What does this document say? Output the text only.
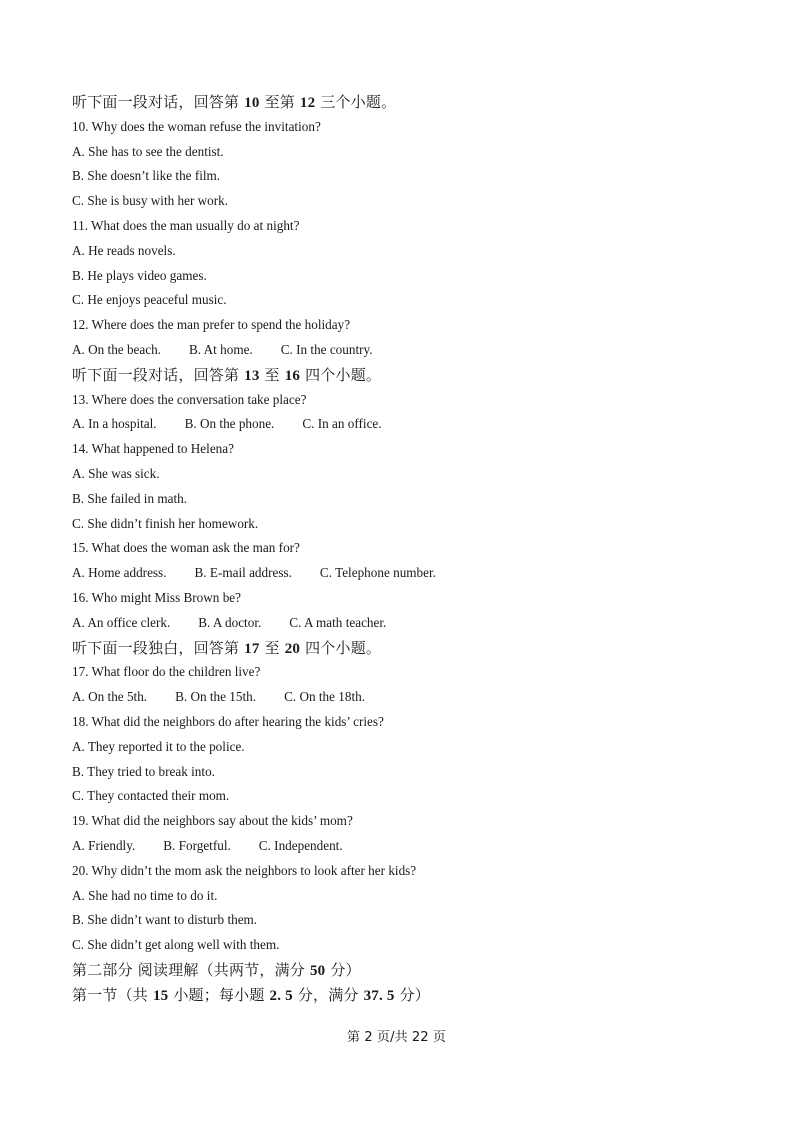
听下面一段对话，回答第 10 至第 12 三个小题。
10. Why does the woman refuse the invitation?
A. She has to see the dentist.
B. She doesn’t like the film.
C. She is busy with her work.
11. What does the man usually do at night?
A. He reads novels.
B. He plays video games.
C. He enjoys peaceful music.
12. Where does the man prefer to spend the holiday?
A. On the beach. B. At home. C. In the country.
听下面一段对话，回答第 13 至 16 四个小题。
13. Where does the conversation take place?
A. In a hospital. B. On the phone. C. In an office.
14. What happened to Helena?
A. She was sick.
B. She failed in math.
C. She didn’t finish her homework.
15. What does the woman ask the man for?
A. Home address. B. E-mail address. C. Telephone number.
16. Who might Miss Brown be?
A. An office clerk. B. A doctor. C. A math teacher.
听下面一段独白，回答第 17 至 20 四个小题。
17. What floor do the children live?
A. On the 5th. B. On the 15th. C. On the 18th.
18. What did the neighbors do after hearing the kids’ cries?
A. They reported it to the police.
B. They tried to break into.
C. They contacted their mom.
19. What did the neighbors say about the kids’ mom?
A. Friendly. B. Forgetful. C. Independent.
20. Why didn’t the mom ask the neighbors to look after her kids?
A. She had no time to do it.
B. She didn’t want to disturb them.
C. She didn’t get along well with them.
第二部分 阅读理解（共两节，满分 50 分）
第一节（共 15 小题；每小题 2. 5 分，满分 37. 5 分）
第 2 页/共 22 页
